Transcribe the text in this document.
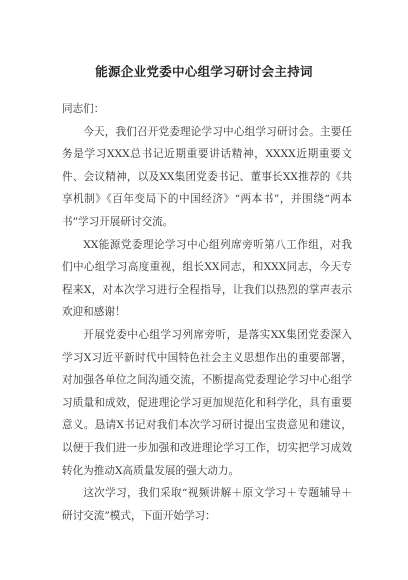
能源企业党委中心组学习研讨会主持词

同志们：

今天，我们召开党委理论学习中心组学习研讨会。主要任务是学习XXX总书记近期重要讲话精神，XXXX近期重要文件、会议精神，以及XX集团党委书记、董事长XX推荐的《共享机制》《百年变局下的中国经济》“两本书”，并围绕“两本书”学习开展研讨交流。

XX能源党委理论学习中心组列席旁听第八工作组，对我们中心组学习高度重视，组长XX同志，和XXX同志，今天专程来X，对本次学习进行全程指导，让我们以热烈的掌声表示欢迎和感谢！

开展党委中心组学习列席旁听，是落实XX集团党委深入学习X习近平新时代中国特色社会主义思想作出的重要部署，对加强各单位之间沟通交流，不断提高党委理论学习中心组学习质量和成效，促进理论学习更加规范化和科学化，具有重要意义。恳请X书记对我们本次学习研讨提出宝贵意见和建议，以便于我们进一步加强和改进理论学习工作，切实把学习成效转化为推动X高质量发展的强大动力。

这次学习，我们采取“视频讲解＋原文学习＋专题辅导＋研讨交流”模式，下面开始学习：
